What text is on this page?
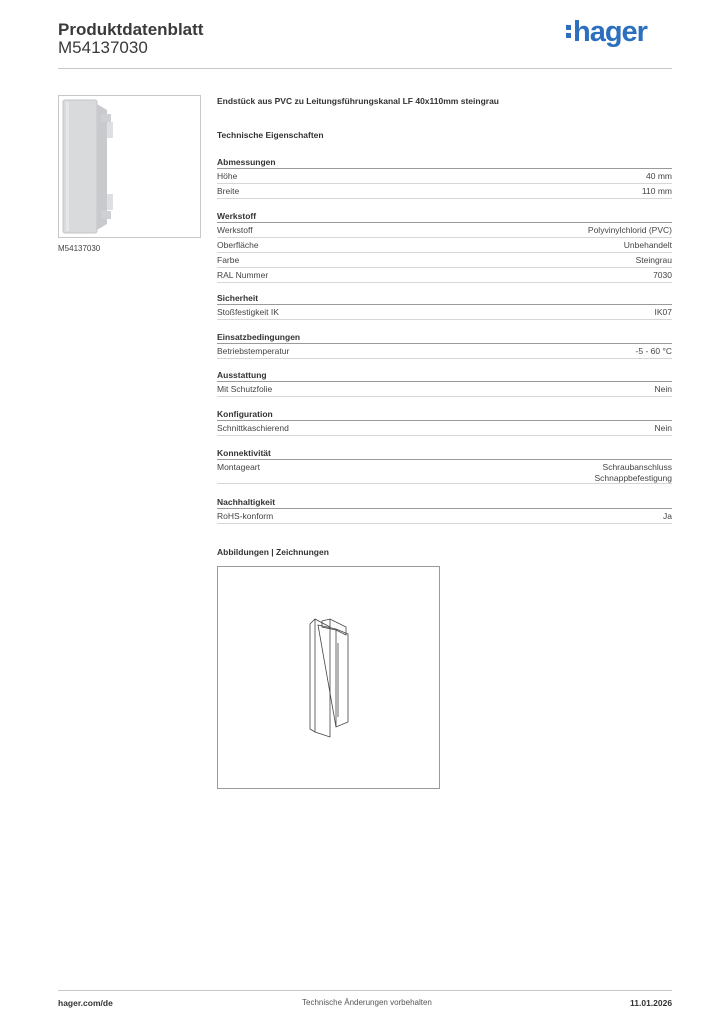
Produktdatenblatt
M54137030	hager
M54137030
Endstück aus PVC zu Leitungsführungskanal LF 40x110mm steingrau
Technische Eigenschaften
Abmessungen
Höhe	40 mm
Breite	110 mm
Werkstoff
Werkstoff	Polyvinylchlorid (PVC)
Oberfläche	Unbehandelt
Farbe	Steingrau
RAL Nummer	7030
Sicherheit
Stoßfestigkeit IK	IK07
Einsatzbedingungen
Betriebstemperatur	-5 - 60 °C
Ausstattung
Mit Schutzfolie	Nein
Konfiguration
Schnittkaschierend	Nein
Konnektivität
Montageart	Schraubanschluss
Schnappbefestigung
Nachhaltigkeit
RoHS-konform	Ja
Abbildungen | Zeichnungen
hager.com/de	Technische Änderungen vorbehalten	11.01.2026
